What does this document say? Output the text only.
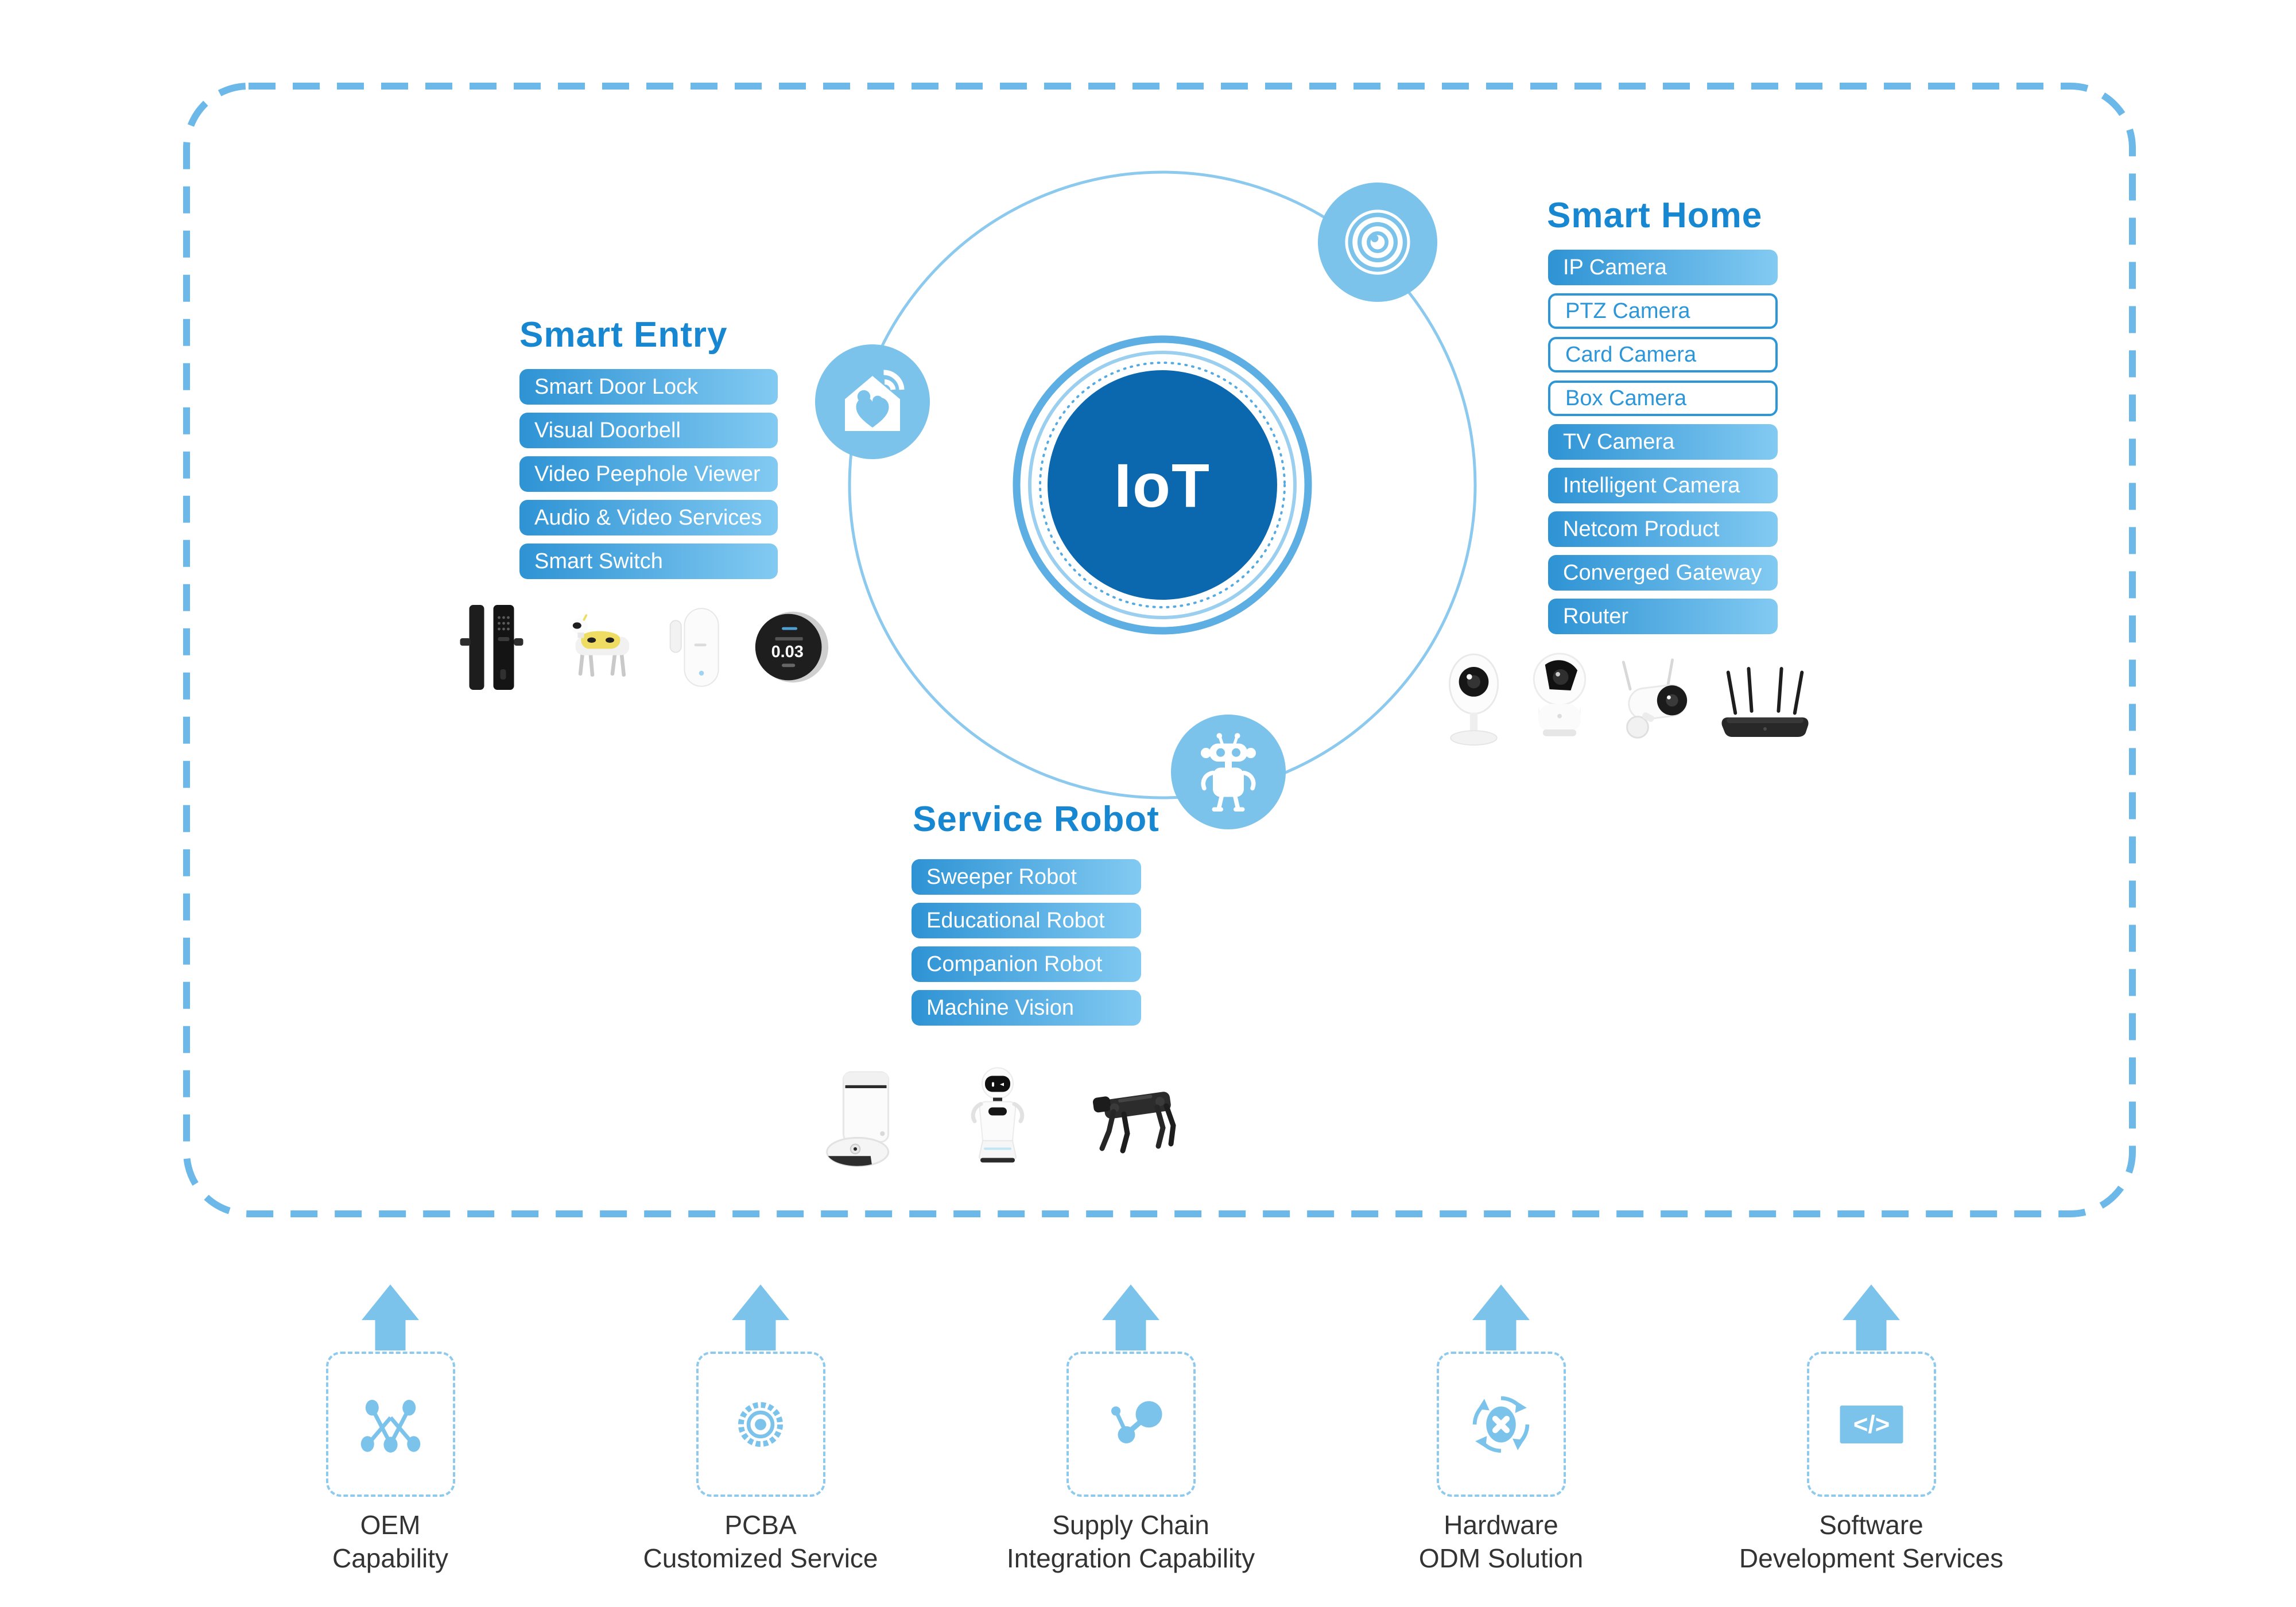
IoT
Smart Entry
Smart Door Lock
Visual Doorbell
Video Peephole Viewer
Audio & Video Services
Smart Switch
0.03
Smart Home
IP Camera
PTZ Camera
Card Camera
Box Camera
TV Camera
Intelligent Camera
Netcom Product
Converged Gateway
Router
Service Robot
Sweeper Robot
Educational Robot
Companion Robot
Machine Vision
OEM
Capability
PCBA
Customized Service
Supply Chain
Integration Capability
Hardware
ODM Solution
</>
Software
Development Services
